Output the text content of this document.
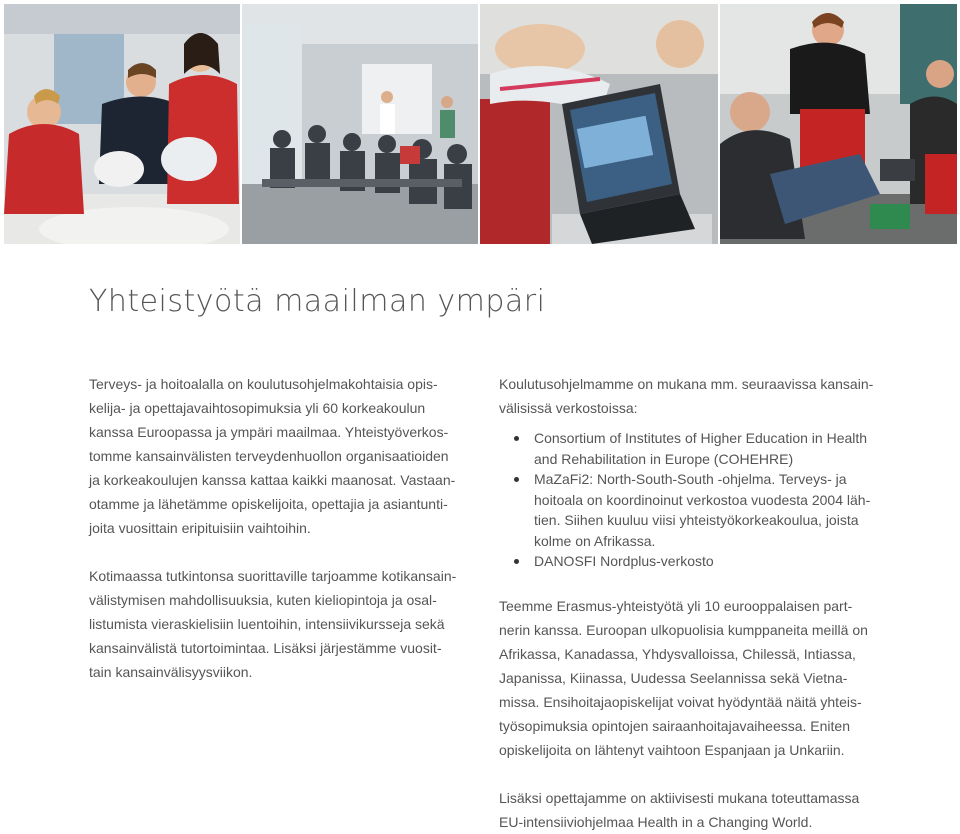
Yhteistyötä maailman ympäri

Terveys- ja hoitoalalla on koulutusohjelmakohtaisia opis-
kelija- ja opettajavaihtosopimuksia yli 60 korkeakoulun
kanssa Euroopassa ja ympäri maailmaa. Yhteistyöverkos-
tomme kansainvälisten terveydenhuollon organisaatioiden
ja korkeakoulujen kanssa kattaa kaikki maanosat. Vastaan-
otamme ja lähetämme opiskelijoita, opettajia ja asiantunti-
joita vuosittain eripituisiin vaihtoihin.

Kotimaassa tutkintonsa suorittaville tarjoamme kotikansain-
välistymisen mahdollisuuksia, kuten kieliopintoja ja osal-
listumista vieraskielisiin luentoihin, intensiivikursseja sekä
kansainvälistä tutortoimintaa. Lisäksi järjestämme vuosit-
tain kansainvälisyysviikon.

Koulutusohjelmamme on mukana mm. seuraavissa kansain-
välisissä verkostoissa:

Consortium of Institutes of Higher Education in Health
and Rehabilitation in Europe (COHEHRE)
MaZaFi2: North-South-South -ohjelma. Terveys- ja
hoitoala on koordinoinut verkostoa vuodesta 2004 läh-
tien. Siihen kuuluu viisi yhteistyökorkeakoulua, joista
kolme on Afrikassa.
DANOSFI Nordplus-verkosto

Teemme Erasmus-yhteistyötä yli 10 eurooppalaisen part-
nerin kanssa. Euroopan ulkopuolisia kumppaneita meillä on
Afrikassa, Kanadassa, Yhdysvalloissa, Chilessä, Intiassa,
Japanissa, Kiinassa, Uudessa Seelannissa sekä Vietna-
missa. Ensihoitajaopiskelijat voivat hyödyntää näitä yhteis-
työsopimuksia opintojen sairaanhoitajavaiheessa. Eniten
opiskelijoita on lähtenyt vaihtoon Espanjaan ja Unkariin.

Lisäksi opettajamme on aktiivisesti mukana toteuttamassa
EU-intensiiviohjelmaa Health in a Changing World.
